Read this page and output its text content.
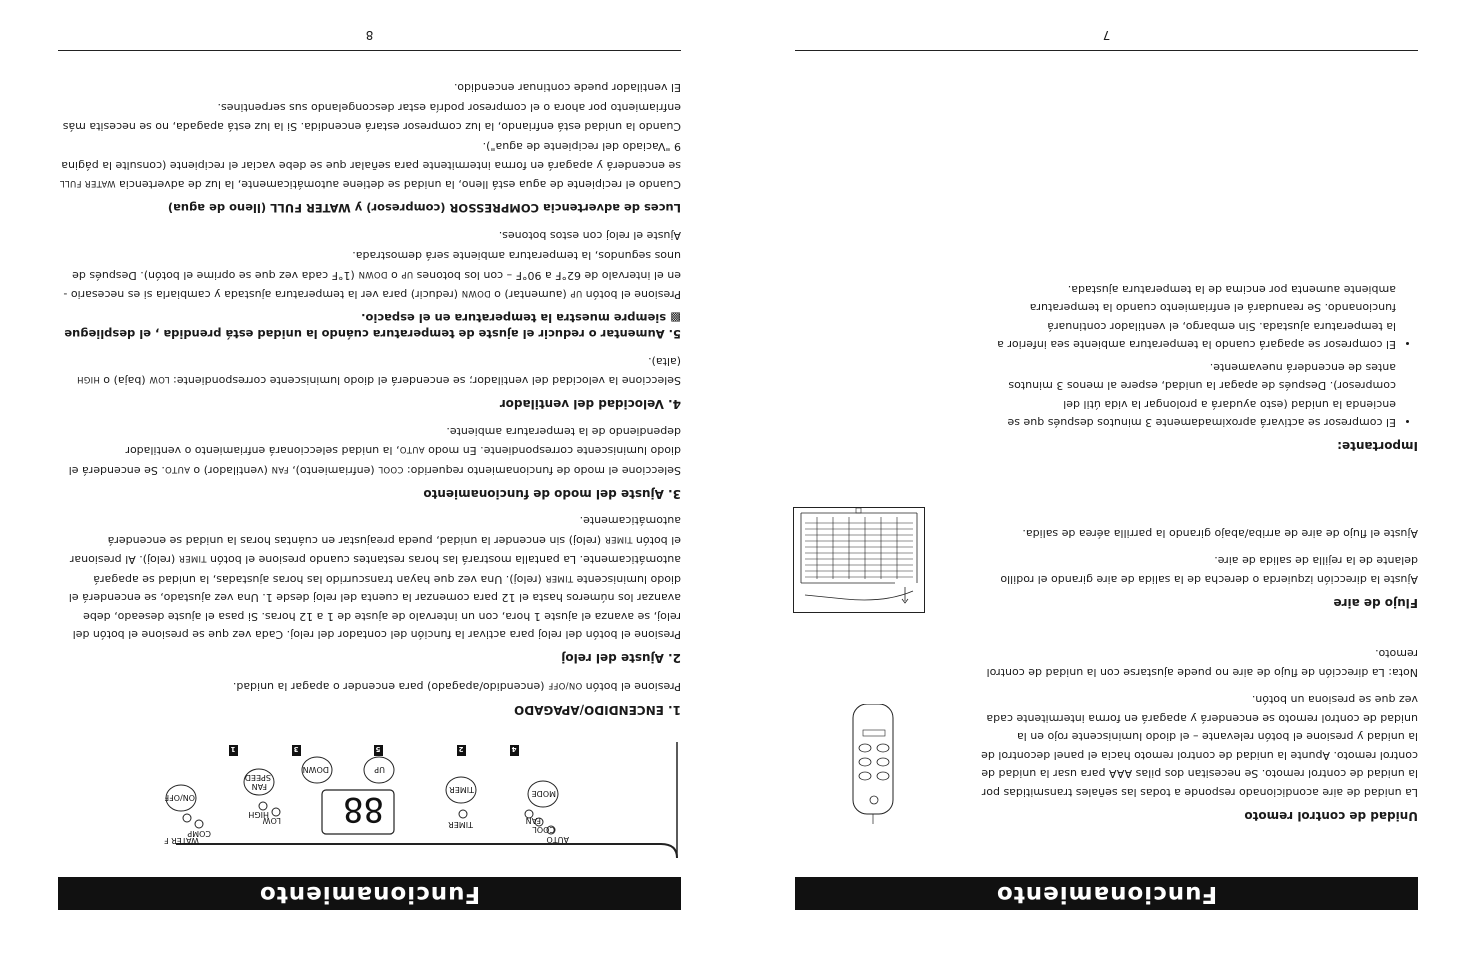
Funcionamiento
Unidad de control remoto

La unidad de aire acondicionado responde a todas las señales transmitidas por la unidad de control remoto. Se necesitan dos pilas AAA para usar la unidad de control remoto. Apunte la unidad de control remoto hacia el panel decontrol de la unidad y presione el botón relevante – el diodo luminiscente rojo en la unidad de control remoto se encenderá y apagará en forma intermitente cada vez que se presiona un botón.

Nota: La dirección de flujo de aire no puede ajustarse con la unidad de control remoto.

Flujo de aire

Ajuste la dirección izquierda o derecha de la salida de aire girando el rodillo delante de la rejilla de salida de aire.

Ajuste el flujo de aire de arriba/abajo girando la parrilla aérea de salida.

Importante:
• El compresor se activará aproximadamente 3 minutos después que se encienda la unidad (esto ayudará a prolongar la vida útil del compresor). Después de apagar la unidad, espere al menos 3 minutos antes de encenderá nuevamente.
• El compresor se apagará cuando la temperatura ambiente sea inferior a la temperatura ajustada. Sin embargo, el ventilador continuará funcionando. Se reanudará el enfriamiento cuando la temperatura ambiente aumenta por encima de la temperatura ajustada.
7
Funcionamiento
AUTO
COOL
FAN
MODE
TIMER
TIMER
88
UP
DOWN
LOW
HIGH
FAN
SPEED
COMP
WATER F
ON/OFF
4
2
5
3
1
1. ENCENDIDO/APAGADO

Presione el botón ON/OFF (encendido/apagado) para encender o apagar la unidad.

2. Ajuste del reloj

Presione el botón del reloj para activar la función del contador del reloj. Cada vez que se presione el botón del reloj, se avanza el ajuste 1 hora, con un intervalo de ajuste de 1 a 12 horas. Si pasa el ajuste deseado, debe avanzar los números hasta el 12 para comenzar la cuenta del reloj desde 1. Una vez ajustado, se encenderá el diodo luminiscente TIMER (reloj). Una vez que hayan transcurrido las horas ajustadas, la unidad se apagará automáticamente. La pantalla mostrará las horas restantes cuando presione el botón TIMER (reloj). Al presionar el botón TIMER (reloj) sin encender la unidad, pueda preajustar en cuántas horas la unidad se encenderá automáticamente.

3. Ajuste del modo de funcionamiento

Seleccione el modo de funcionamiento requerido: COOL (enfriamiento), FAN (ventilador) o AUTO. Se encenderá el diodo luminiscente correspondiente. En modo AUTO, la unidad seleccionará enfriamiento o ventilador dependiendo de la temperatura ambiente.

4. Velocidad del ventilador

Seleccione la velocidad del ventilador; se encenderá el diodo luminiscente correspondiente: LOW (baja) o HIGH (alta).

5. Aumentar o reducir el ajuste de temperatura cuándo la unidad está prendida , el despliegue ▩ siempre muestra la temperatura en el espacio.

Presione el botón UP (aumentar) o DOWN (reducir) para ver la temperatura ajustada y cambiarla si es necesario - en el intervalo de 62°F a 90°F – con los botones UP o DOWN (1°F cada vez que se oprime el botón). Después de unos segundos, la temperatura ambiente será demostrada.

Ajuste el reloj con estos botones.

Luces de advertencia COMPRESSOR (compresor) y WATER FULL (lleno de agua)

Cuando el recipiente de agua está lleno, la unidad se detiene automáticamente, la luz de advertencia WATER FULL se encenderá y apagará en forma intermitente para señalar que se debe vaciar el recipiente (consulte la página 9 "Vaciado del recipiente de agua").

Cuando la unidad está enfriando, la luz compresor estará encendida. Si la luz está apagada, no se necesita más enfriamiento por ahora o el compresor podría estar descongelando sus serpentines.

El ventilador puede continuar encendido.

8
